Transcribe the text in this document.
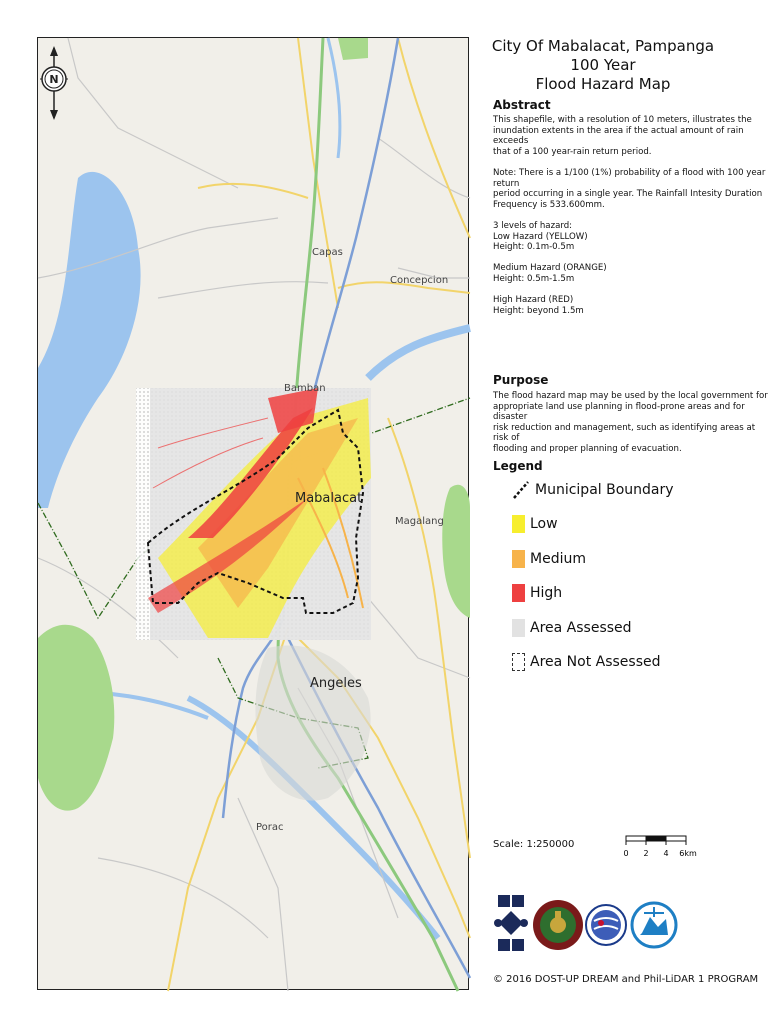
N
Capas
Concepcion
Bamban
Mabalacat
Magalang
Angeles
Porac
City Of Mabalacat, Pampanga 100 Year
Flood Hazard Map
Abstract
This shapefile, with a resolution of 10 meters, illustrates the
inundation extents in the area if the actual amount of rain exceeds
that of a 100 year-rain return period.

Note: There is a 1/100 (1%) probability of a flood with 100 year return
period occurring in a single year. The Rainfall Intesity Duration
Frequency is 533.600mm.

3 levels of hazard:
Low Hazard (YELLOW)
Height: 0.1m-0.5m

Medium Hazard (ORANGE)
Height: 0.5m-1.5m

High Hazard (RED)
Height: beyond 1.5m
Purpose
The flood hazard map may be used by the local government for
appropriate land use planning in flood-prone areas and for disaster
risk reduction and management, such as identifying areas at risk of
flooding and proper planning of evacuation.
Legend
Municipal Boundary
Low
Medium
High
Area Assessed
Area Not Assessed
Scale: 1:250000
0 2 4 6km
© 2016 DOST-UP DREAM and Phil-LiDAR 1 PROGRAM
